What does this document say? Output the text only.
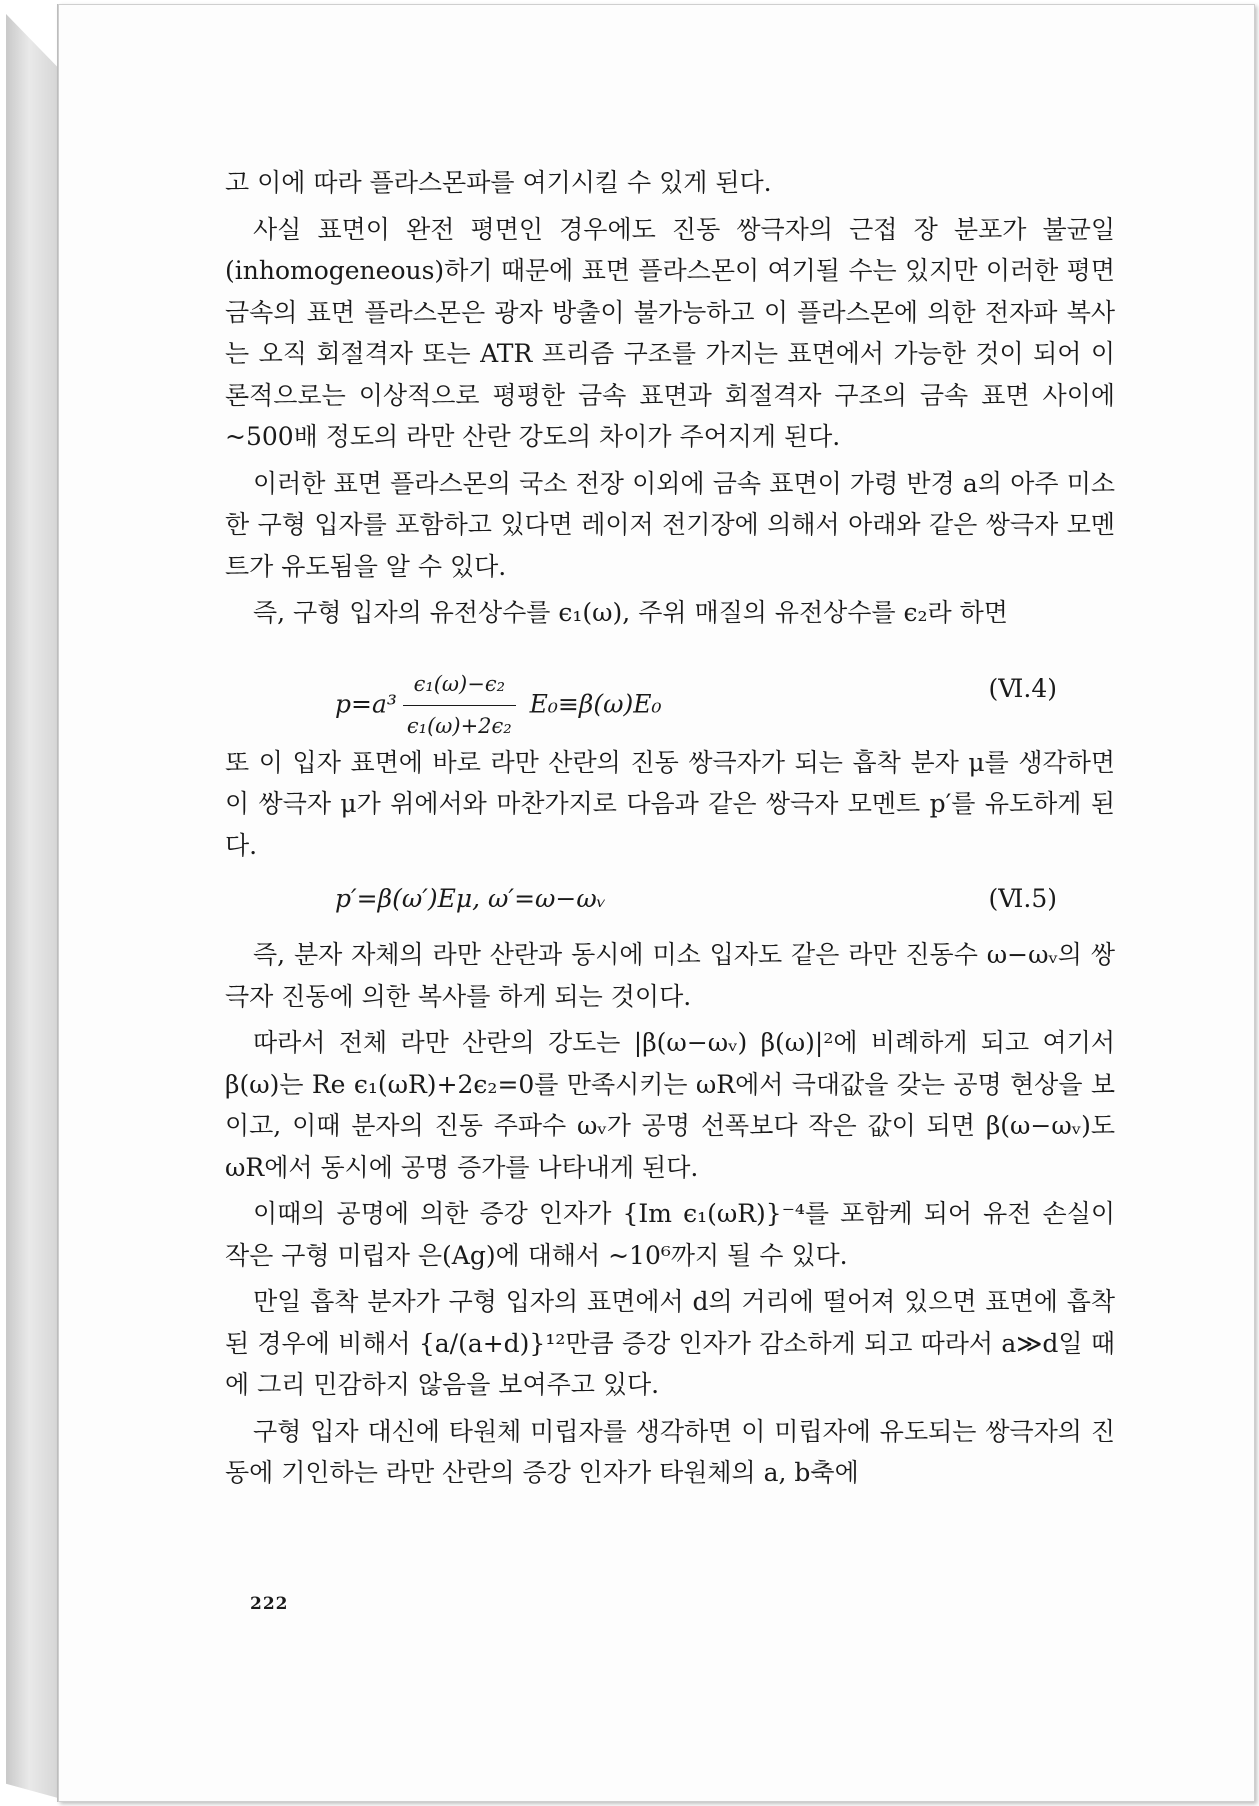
고 이에 따라 플라스몬파를 여기시킬 수 있게 된다.

사실 표면이 완전 평면인 경우에도 진동 쌍극자의 근접 장 분포가 불균일(inhomogeneous)하기 때문에 표면 플라스몬이 여기될 수는 있지만 이러한 평면 금속의 표면 플라스몬은 광자 방출이 불가능하고 이 플라스몬에 의한 전자파 복사는 오직 회절격자 또는 ATR 프리즘 구조를 가지는 표면에서 가능한 것이 되어 이론적으로는 이상적으로 평평한 금속 표면과 회절격자 구조의 금속 표면 사이에 ~500배 정도의 라만 산란 강도의 차이가 주어지게 된다.

이러한 표면 플라스몬의 국소 전장 이외에 금속 표면이 가령 반경 a의 아주 미소한 구형 입자를 포함하고 있다면 레이저 전기장에 의해서 아래와 같은 쌍극자 모멘트가 유도됨을 알 수 있다.

즉, 구형 입자의 유전상수를 ϵ₁(ω), 주위 매질의 유전상수를 ϵ₂라 하면

$p=a^3 \frac{\text{ϵ₁(ω)−ϵ₂}}{\text{ϵ₁(ω)+2ϵ₂}} E_0\equiv\beta(\omega)E_0$
(Ⅵ.4)

또 이 입자 표면에 바로 라만 산란의 진동 쌍극자가 되는 흡착 분자 μ를 생각하면 이 쌍극자 μ가 위에서와 마찬가지로 다음과 같은 쌍극자 모멘트 p′를 유도하게 된다.

p′=β(ω′)Eμ, ω′=ω−ωᵥ	(Ⅵ.5)

즉, 분자 자체의 라만 산란과 동시에 미소 입자도 같은 라만 진동수 ω−ωᵥ의 쌍극자 진동에 의한 복사를 하게 되는 것이다.

따라서 전체 라만 산란의 강도는 |β(ω−ωᵥ) β(ω)|²에 비례하게 되고 여기서 β(ω)는 Re ϵ₁(ωR)+2ϵ₂=0를 만족시키는 ωR에서 극대값을 갖는 공명 현상을 보이고, 이때 분자의 진동 주파수 ωᵥ가 공명 선폭보다 작은 값이 되면 β(ω−ωᵥ)도 ωR에서 동시에 공명 증가를 나타내게 된다.

이때의 공명에 의한 증강 인자가 {Im ϵ₁(ωR)}⁻⁴를 포함케 되어 유전 손실이 작은 구형 미립자 은(Ag)에 대해서 ~10⁶까지 될 수 있다.

만일 흡착 분자가 구형 입자의 표면에서 d의 거리에 떨어져 있으면 표면에 흡착된 경우에 비해서 {a/(a+d)}¹²만큼 증강 인자가 감소하게 되고 따라서 a≫d일 때에 그리 민감하지 않음을 보여주고 있다.

구형 입자 대신에 타원체 미립자를 생각하면 이 미립자에 유도되는 쌍극자의 진동에 기인하는 라만 산란의 증강 인자가 타원체의 a, b축에

222
